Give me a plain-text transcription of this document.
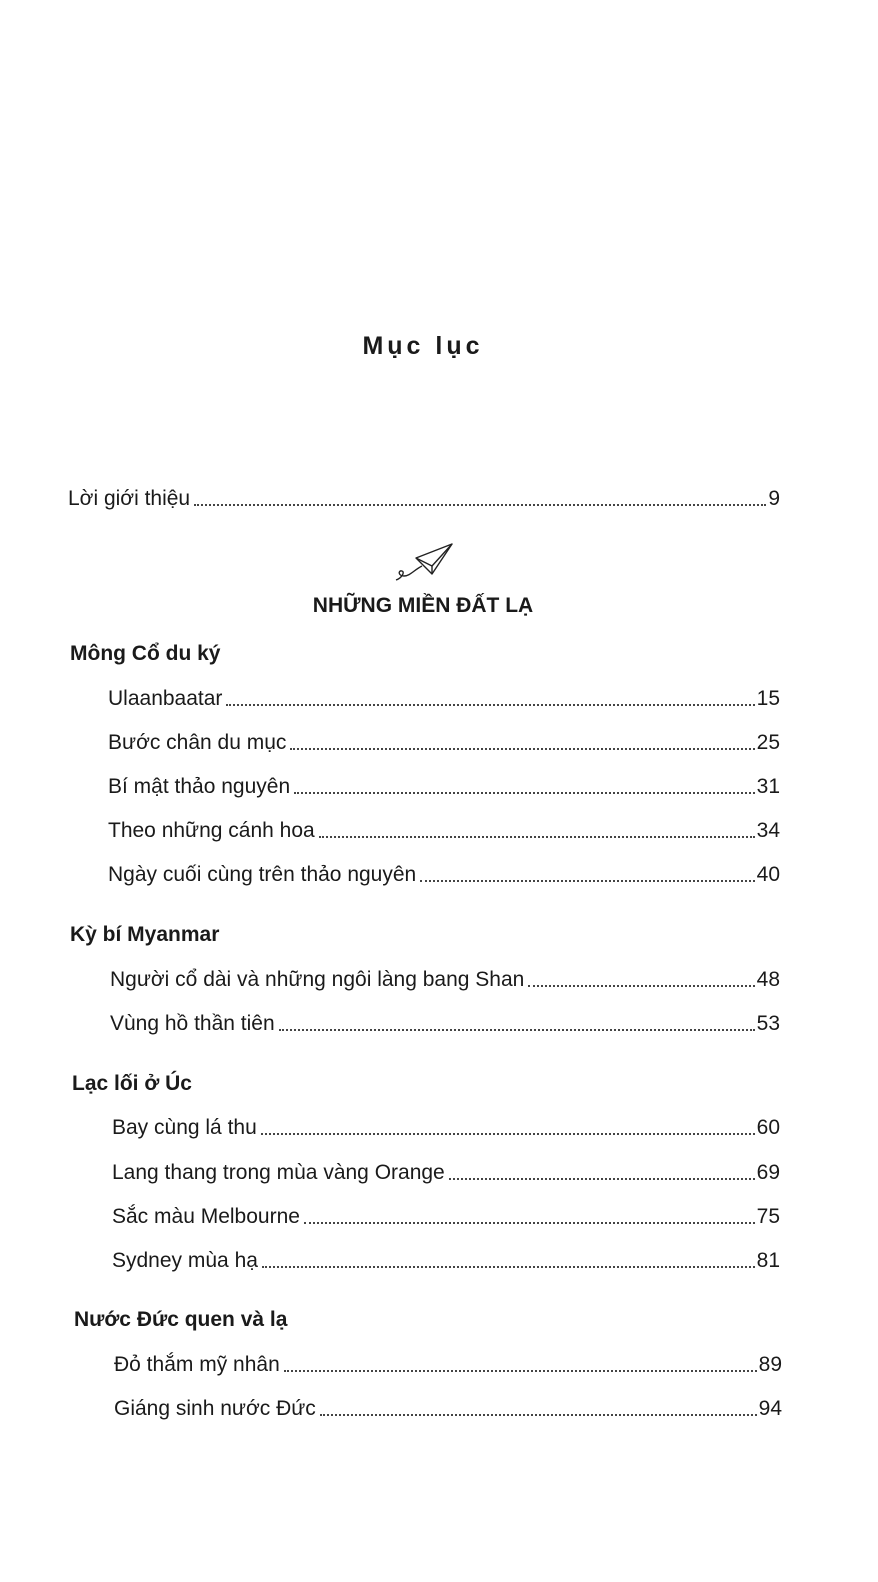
Mục lục
Lời giới thiệu	9
NHỮNG MIỀN ĐẤT LẠ
Mông Cổ du ký
Ulaanbaatar	15
Bước chân du mục	25
Bí mật thảo nguyên	31
Theo những cánh hoa	34
Ngày cuối cùng trên thảo nguyên	40
Kỳ bí Myanmar
Người cổ dài và những ngôi làng bang Shan	48
Vùng hồ thần tiên	53
Lạc lối ở Úc
Bay cùng lá thu	60
Lang thang trong mùa vàng Orange	69
Sắc màu Melbourne	75
Sydney mùa hạ	81
Nước Đức quen và lạ
Đỏ thắm mỹ nhân	89
Giáng sinh nước Đức	94
